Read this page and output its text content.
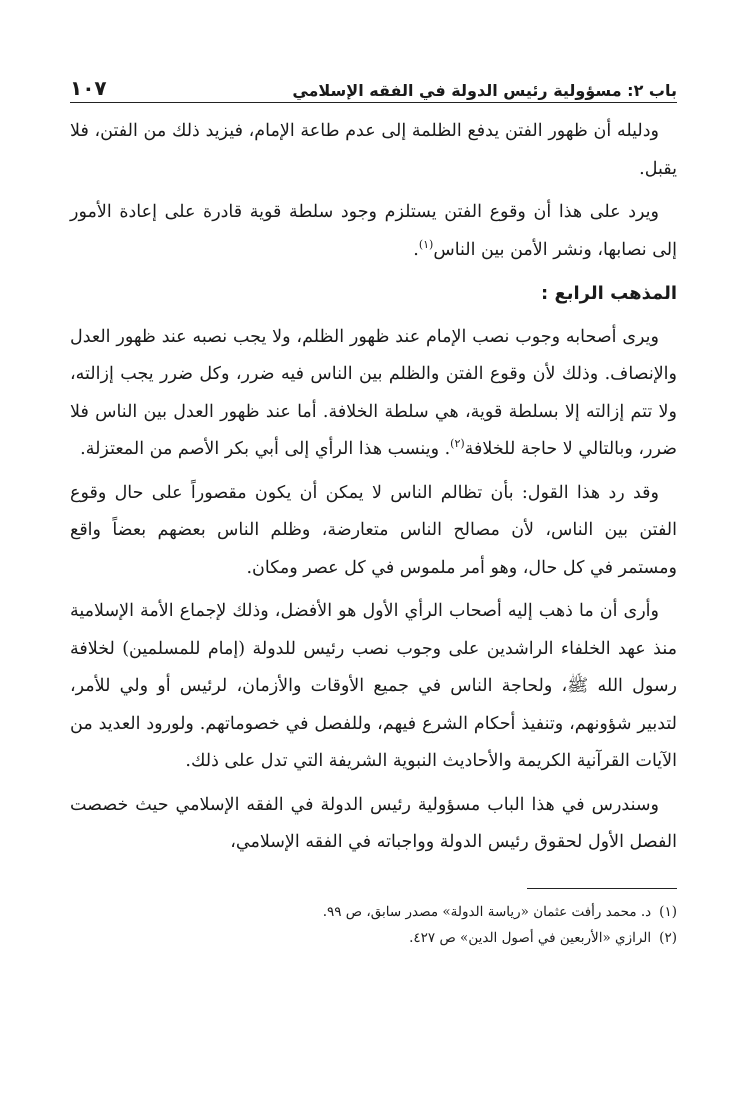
باب ٢: مسؤولية رئيس الدولة في الفقه الإسلامي
١٠٧

ودليله أن ظهور الفتن يدفع الظلمة إلى عدم طاعة الإمام، فيزيد ذلك من الفتن، فلا يقبل.

ويرد على هذا أن وقوع الفتن يستلزم وجود سلطة قوية قادرة على إعادة الأمور إلى نصابها، ونشر الأمن بين الناس$^{(١)}$.

المذهب الرابع :

ويرى أصحابه وجوب نصب الإمام عند ظهور الظلم، ولا يجب نصبه عند ظهور العدل والإنصاف. وذلك لأن وقوع الفتن والظلم بين الناس فيه ضرر، وكل ضرر يجب إزالته، ولا تتم إزالته إلا بسلطة قوية، هي سلطة الخلافة. أما عند ظهور العدل بين الناس فلا ضرر، وبالتالي لا حاجة للخلافة$^{(٢)}$. وينسب هذا الرأي إلى أبي بكر الأصم من المعتزلة.

وقد رد هذا القول: بأن تظالم الناس لا يمكن أن يكون مقصوراً على حال وقوع الفتن بين الناس، لأن مصالح الناس متعارضة، وظلم الناس بعضهم بعضاً واقع ومستمر في كل حال، وهو أمر ملموس في كل عصر ومكان.

وأرى أن ما ذهب إليه أصحاب الرأي الأول هو الأفضل، وذلك لإجماع الأمة الإسلامية منذ عهد الخلفاء الراشدين على وجوب نصب رئيس للدولة (إمام للمسلمين) لخلافة رسول الله ﷺ، ولحاجة الناس في جميع الأوقات والأزمان، لرئيس أو ولي للأمر، لتدبير شؤونهم، وتنفيذ أحكام الشرع فيهم، وللفصل في خصوماتهم. ولورود العديد من الآيات القرآنية الكريمة والأحاديث النبوية الشريفة التي تدل على ذلك.

وسندرس في هذا الباب مسؤولية رئيس الدولة في الفقه الإسلامي حيث خصصت الفصل الأول لحقوق رئيس الدولة وواجباته في الفقه الإسلامي،

(١)
د. محمد رأفت عثمان «رياسة الدولة» مصدر سابق، ص ٩٩.
(٢)
الرازي «الأربعين في أصول الدين» ص ٤٢٧.
